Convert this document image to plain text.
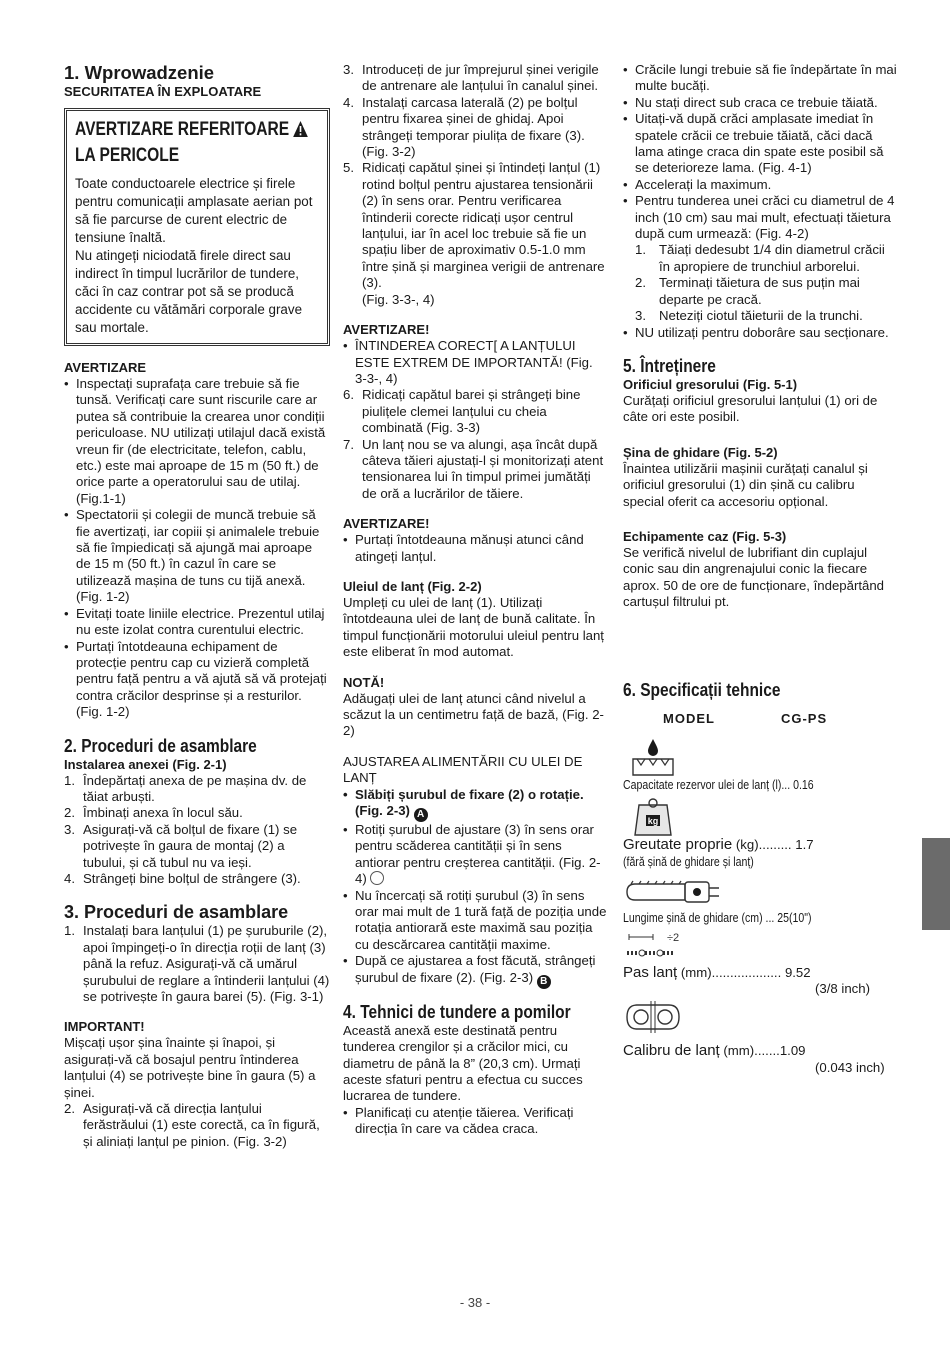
1. Wprowadzenie
SECURITATEA ÎN EXPLOATARE
AVERTIZARE REFERITOARE
LA PERICOLE
Toate conductoarele electrice și firele pentru comunicații amplasate aerian pot să fie parcurse de curent electric de tensiune înaltă.
Nu atingeți niciodată firele direct sau indirect în timpul lucrărilor de tundere, căci în caz contrar pot să se producă accidente cu vătămări corporale grave sau mortale.
AVERTIZARE
• Inspectați suprafața care trebuie să fie tunsă. Verificați care sunt riscurile care ar putea să contribuie la crearea unor condiții periculoase. NU utilizați utilajul dacă există vreun fir (de electricitate, telefon, cablu, etc.) este mai aproape de 15 m (50 ft.) de orice parte a operatorului sau de utilaj. (Fig.1-1)
• Spectatorii și colegii de muncă trebuie să fie avertizați, iar copiii și animalele trebuie să fie împiedicați să ajungă mai aproape de 15 m (50 ft.) în cazul în care se utilizează mașina de tuns cu tijă anexă. (Fig. 1-2)
• Evitați toate liniile electrice. Prezentul utilaj nu este izolat contra curentului electric.
• Purtați întotdeauna echipament de protecție pentru cap cu vizieră completă pentru față pentru a vă ajută să vă protejați contra crăcilor desprinse și a resturilor. (Fig. 1-2)
2. Proceduri de asamblare
Instalarea anexei (Fig. 2-1)
1. Îndepărtați anexa de pe mașina dv. de tăiat arbuști.
2. Îmbinați anexa în locul său.
3. Asigurați-vă că bolțul de fixare (1) se potrivește în gaura de montaj (2) a tubului, și că tubul nu va ieși.
4. Strângeți bine bolțul de strângere (3).
3. Proceduri de asamblare
1. Instalați bara lanțului (1) pe șuruburile (2), apoi împingeți-o în direcția roții de lanț (3) până la refuz. Asigurați-vă că umărul șurubului de reglare a întinderii lanțului (4) se potrivește în gaura barei (5). (Fig. 3-1)
IMPORTANT!

Mișcați ușor șina înainte și înapoi, și asigurați-vă că bosajul pentru întinderea lanțului (4) se potrivește bine în gaura (5) a șinei.

2. Asigurați-vă că direcția lanțului ferăstrăului (1) este corectă, ca în figură, și aliniați lanțul pe pinion. (Fig. 3-2)
3. Introduceți de jur împrejurul șinei verigile de antrenare ale lanțului în canalul șinei.
4. Instalați carcasa laterală (2) pe bolțul pentru fixarea șinei de ghidaj. Apoi strângeți temporar piulița de fixare (3). (Fig. 3-2)
5. Ridicați capătul șinei și întindeți lanțul (1) rotind bolțul pentru ajustarea tensionării (2) în sens orar. Pentru verificarea întinderii corecte ridicați ușor centrul lanțului, iar în acel loc trebuie să fie un spațiu liber de aproximativ 0.5-1.0 mm între șină și marginea verigii de antrenare (3).

(Fig. 3-3-, 4)

AVERTIZARE!
• ÎNTINDEREA CORECT[ A LANȚULUI ESTE EXTREM DE IMPORTANTĂ! (Fig. 3-3-, 4)
6. Ridicați capătul barei și strângeți bine piulițele clemei lanțului cu cheia combinată (Fig. 3-3)
7. Un lanț nou se va alungi, așa încât după câteva tăieri ajustați-l și monitorizați atent tensionarea lui în timpul primei jumătăți de oră a lucrărilor de tăiere.
AVERTIZARE!
• Purtați întotdeauna mănuși atunci când atingeți lanțul.
Uleiul de lanț (Fig. 2-2)

Umpleți cu ulei de lanț (1). Utilizați întotdeauna ulei de lanț de bună calitate. În timpul funcționării motorului uleiul pentru lanț este eliberat în mod automat.

NOTĂ!

Adăugați ulei de lanț atunci când nivelul a scăzut la un centimetru față de bază, (Fig. 2-2)

AJUSTAREA ALIMENTĂRII CU ULEI DE LANȚ

• Slăbiți șurubul de fixare (2) o rotație. (Fig. 2-3) A
• Rotiți șurubul de ajustare (3) în sens orar pentru scăderea cantității și în sens antiorar pentru creșterea cantității. (Fig. 2-4)
• Nu încercați să rotiți șurubul (3) în sens orar mai mult de 1 tură față de poziția unde rotația antiorară este maximă sau poziția cu descărcarea cantității maxime.
• După ce ajustarea a fost făcută, strângeți șurubul de fixare (2). (Fig. 2-3) B
4. Tehnici de tundere a pomilor

Această anexă este destinată pentru tunderea crengilor și a crăcilor mici, cu diametru de până la 8” (20,3 cm). Urmați aceste sfaturi pentru a efectua cu succes lucrarea de tundere.

• Planificați cu atenție tăierea. Verificați direcția în care va cădea craca.
• Crăcile lungi trebuie să fie îndepărtate în mai multe bucăți.
• Nu stați direct sub craca ce trebuie tăiată.
• Uitați-vă după crăci amplasate imediat în spatele crăcii ce trebuie tăiată, căci dacă lama atinge craca din spate este posibil să se deterioreze lama. (Fig. 4-1)
• Accelerați la maximum.
• Pentru tunderea unei crăci cu diametrul de 4 inch (10 cm) sau mai mult, efectuați tăietura după cum urmează: (Fig. 4-2)
1. Tăiați dedesubt 1/4 din diametrul crăcii în apropiere de trunchiul arborelui.
2. Terminați tăietura de sus puțin mai departe pe cracă.
3. Neteziți ciotul tăieturii de la trunchi.
• NU utilizați pentru doborâre sau secționare.
5. Întreținere
Orificiul gresorului (Fig. 5-1)

Curățați orificiul gresorului lanțului (1) ori de câte ori este posibil.

Șina de ghidare (Fig. 5-2)

Înaintea utilizării mașinii curățați canalul și orificiul gresorului (1) din șină cu calibru special oferit ca accesoriu opțional.

Echipamente caz (Fig. 5-3)

Se verifică nivelul de lubrifiant din cuplajul conic sau din angrenajului conic la fiecare aprox. 50 de ore de funcționare, îndepărtând cartușul filtrului pt.

6. Specificații tehnice
MODEL	CG-PS
Capacitate rezervor ulei de lanț (l)... 0.16
kg
Greutate proprie (kg)......... 1.7
(fără șină de ghidare și lanț)
Lungime șină de ghidare (cm) ... 25(10")
÷2
Pas lanț (mm)................... 9.52
(3/8 inch)
Calibru de lanț (mm).......1.09
(0.043 inch)
- 38 -
